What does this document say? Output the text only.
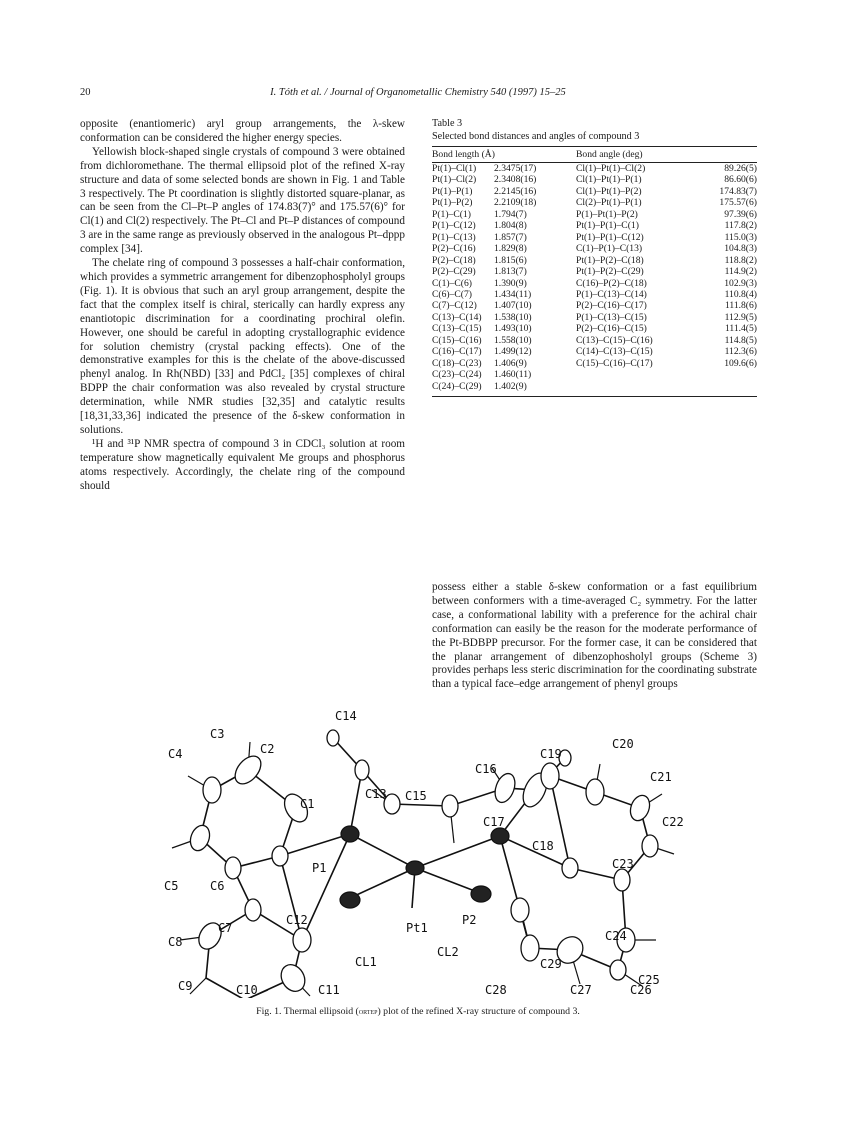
20	I. Tóth et al. / Journal of Organometallic Chemistry 540 (1997) 15–25

opposite (enantiomeric) aryl group arrangements, the λ-skew conformation can be considered the higher energy species.

Yellowish block-shaped single crystals of compound 3 were obtained from dichloromethane. The thermal ellipsoid plot of the refined X-ray structure and data of some selected bonds are shown in Fig. 1 and Table 3 respectively. The Pt coordination is slightly distorted square-planar, as can be seen from the Cl–Pt–P angles of 174.83(7)° and 175.57(6)° for Cl(1) and Cl(2) respectively. The Pt–Cl and Pt–P distances of compound 3 are in the same range as previously observed in the analogous Pt–dppp complex [34].

The chelate ring of compound 3 possesses a half-chair conformation, which provides a symmetric arrangement for dibenzophospholyl groups (Fig. 1). It is obvious that such an aryl group arrangement, despite the fact that the complex itself is chiral, sterically can hardly express any enantiotopic discrimination for a coordinating prochiral olefin. However, one should be careful in adopting crystallographic evidence for solution chemistry (crystal packing effects). One of the demonstrative examples for this is the chelate of the above-discussed phenyl analog. In Rh(NBD) [33] and PdCl₂ [35] complexes of chiral BDPP the chair conformation was also revealed by crystal structure determination, while NMR studies [32,35] and catalytic results [18,31,33,36] indicated the presence of the δ-skew conformation in solutions.

¹H and ³¹P NMR spectra of compound 3 in CDCl₃ solution at room temperature show magnetically equivalent Me groups and phosphorus atoms respectively. Accordingly, the chelate ring of the compound should

Table 3
Selected bond distances and angles of compound 3
Bond length (Å)		Bond angle (deg)	
Pt(1)–Cl(1)	2.3475(17)	Cl(1)–Pt(1)–Cl(2)	89.26(5)
Pt(1)–Cl(2)	2.3408(16)	Cl(1)–Pt(1)–P(1)	86.60(6)
Pt(1)–P(1)	2.2145(16)	Cl(1)–Pt(1)–P(2)	174.83(7)
Pt(1)–P(2)	2.2109(18)	Cl(2)–Pt(1)–P(1)	175.57(6)
P(1)–C(1)	1.794(7)	P(1)–Pt(1)–P(2)	97.39(6)
P(1)–C(12)	1.804(8)	Pt(1)–P(1)–C(1)	117.8(2)
P(1)–C(13)	1.857(7)	Pt(1)–P(1)–C(12)	115.0(3)
P(2)–C(16)	1.829(8)	C(1)–P(1)–C(13)	104.8(3)
P(2)–C(18)	1.815(6)	Pt(1)–P(2)–C(18)	118.8(2)
P(2)–C(29)	1.813(7)	Pt(1)–P(2)–C(29)	114.9(2)
C(1)–C(6)	1.390(9)	C(16)–P(2)–C(18)	102.9(3)
C(6)–C(7)	1.434(11)	P(1)–C(13)–C(14)	110.8(4)
C(7)–C(12)	1.407(10)	P(2)–C(16)–C(17)	111.8(6)
C(13)–C(14)	1.538(10)	P(1)–C(13)–C(15)	112.9(5)
C(13)–C(15)	1.493(10)	P(2)–C(16)–C(15)	111.4(5)
C(15)–C(16)	1.558(10)	C(13)–C(15)–C(16)	114.8(5)
C(16)–C(17)	1.499(12)	C(14)–C(13)–C(15)	112.3(6)
C(18)–C(23)	1.406(9)	C(15)–C(16)–C(17)	109.6(6)
C(23)–C(24)	1.460(11)		
C(24)–C(29)	1.402(9)		

possess either a stable δ-skew conformation or a fast equilibrium between conformers with a time-averaged C₂ symmetry. For the latter case, a conformational lability with a preference for the achiral chair conformation can easily be the reason for the moderate performance of the Pt-BDBPP precursor. For the former case, it can be considered that the planar arrangement of dibenzophosholyl groups (Scheme 3) provides perhaps less steric discrimination for the coordinating substrate than a typical face–edge arrangement of phenyl groups

C3
C4	C2
C14
C20
C19
C21
C13 C15
C16
C1
C17	C22
C5	C6
P1
C18
C23
C7
C12	P2
C8
Pt1
C24
CL1
CL2
C29
C25
C9	C11	C28	C26
C10	C27
Fig. 1. Thermal ellipsoid (ortep) plot of the refined X-ray structure of compound 3.
